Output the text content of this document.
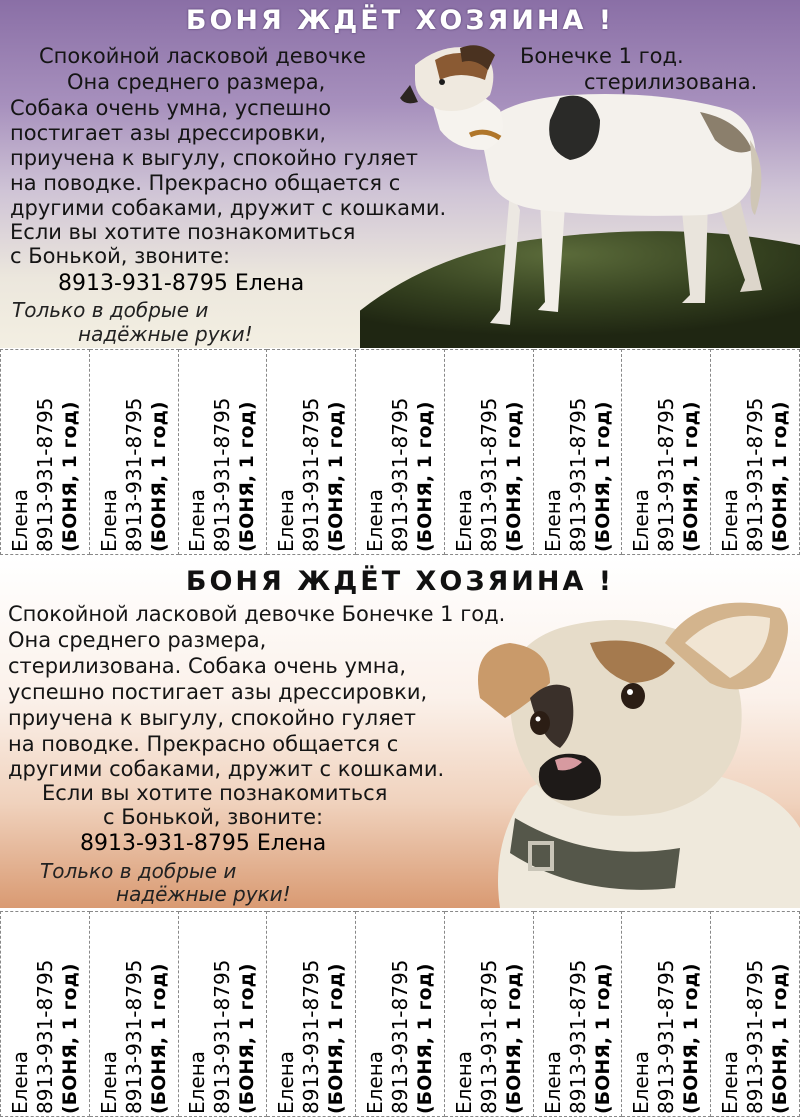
БОНЯ ЖДЁТ ХОЗЯИНА !
Спокойной ласковой девочке	Бонечке 1 год.
Она среднего размера,	стерилизована.
Собака очень умна, успешно
постигает азы дрессировки,
приучена к выгулу, спокойно гуляет
на поводке. Прекрасно общается с
другими собаками, дружит с кошками.
Если вы хотите познакомиться
с Бонькой, звоните:
8913-931-8795 Елена
Только в добрые и
надёжные руки!
Елена 8913-931-8795 (БОНЯ, 1 год) Елена 8913-931-8795 (БОНЯ, 1 год) Елена 8913-931-8795 (БОНЯ, 1 год) Елена 8913-931-8795 (БОНЯ, 1 год) Елена 8913-931-8795 (БОНЯ, 1 год) Елена 8913-931-8795 (БОНЯ, 1 год) Елена 8913-931-8795 (БОНЯ, 1 год) Елена 8913-931-8795 (БОНЯ, 1 год) Елена 8913-931-8795 (БОНЯ, 1 год)
БОНЯ ЖДЁТ ХОЗЯИНА !
Спокойной ласковой девочке Бонечке 1 год.
Она среднего размера,
стерилизована. Собака очень умна,
успешно постигает азы дрессировки,
приучена к выгулу, спокойно гуляет
на поводке. Прекрасно общается с
другими собаками, дружит с кошками.
Если вы хотите познакомиться
с Бонькой, звоните:
8913-931-8795 Елена
Только в добрые и
надёжные руки!
Елена 8913-931-8795 (БОНЯ, 1 год) Елена 8913-931-8795 (БОНЯ, 1 год) Елена 8913-931-8795 (БОНЯ, 1 год) Елена 8913-931-8795 (БОНЯ, 1 год) Елена 8913-931-8795 (БОНЯ, 1 год) Елена 8913-931-8795 (БОНЯ, 1 год) Елена 8913-931-8795 (БОНЯ, 1 год) Елена 8913-931-8795 (БОНЯ, 1 год) Елена 8913-931-8795 (БОНЯ, 1 год)
